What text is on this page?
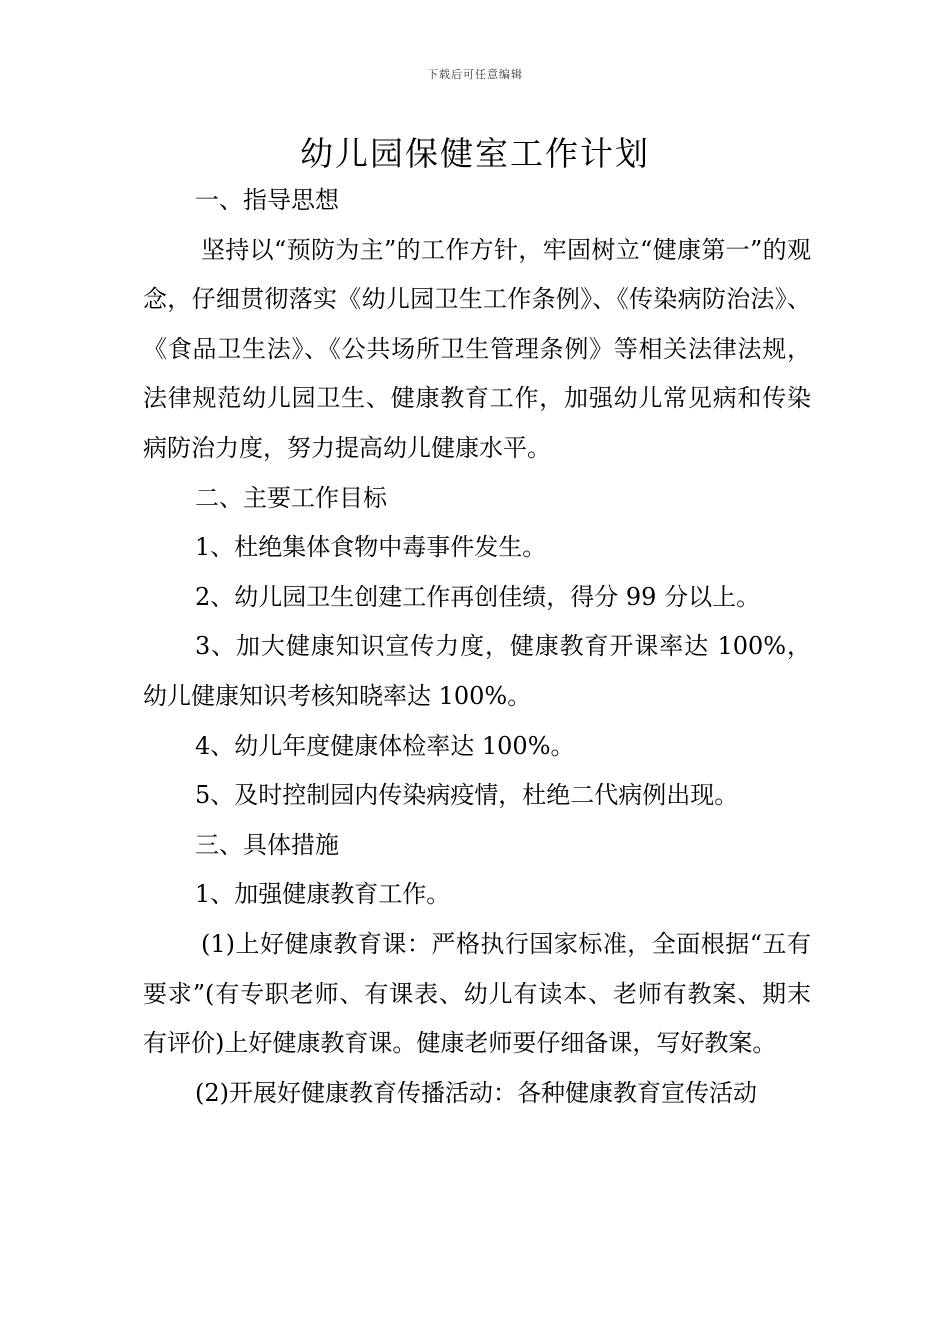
下载后可任意编辑
幼儿园保健室工作计划

一、指导思想

坚持以“预防为主”的工作方针，牢固树立“健康第一”的观念，仔细贯彻落实《幼儿园卫生工作条例》、《传染病防治法》、《食品卫生法》、《公共场所卫生管理条例》等相关法律法规，法律规范幼儿园卫生、健康教育工作，加强幼儿常见病和传染病防治力度，努力提高幼儿健康水平。

二、主要工作目标

1、杜绝集体食物中毒事件发生。

2、幼儿园卫生创建工作再创佳绩，得分 99 分以上。

3、加大健康知识宣传力度，健康教育开课率达 100%，幼儿健康知识考核知晓率达 100%。

4、幼儿年度健康体检率达 100%。

5、及时控制园内传染病疫情，杜绝二代病例出现。

三、具体措施

1、加强健康教育工作。

(1)上好健康教育课：严格执行国家标准，全面根据“五有要求”(有专职老师、有课表、幼儿有读本、老师有教案、期末有评价)上好健康教育课。健康老师要仔细备课，写好教案。

(2)开展好健康教育传播活动：各种健康教育宣传活动
